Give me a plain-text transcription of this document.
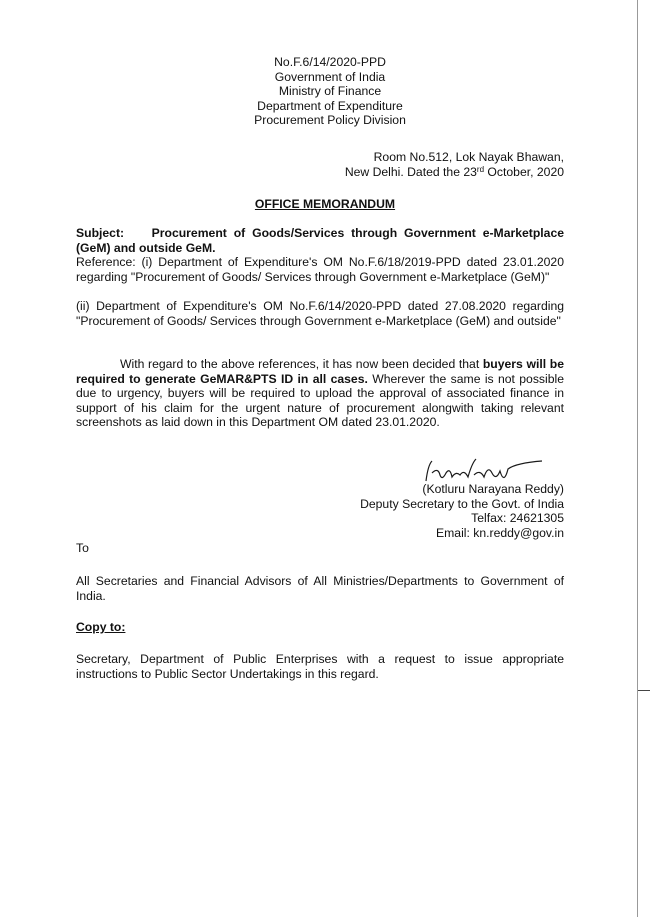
No.F.6/14/2020-PPD
Government of India
Ministry of Finance
Department of Expenditure
Procurement Policy Division
Room No.512, Lok Nayak Bhawan,
New Delhi. Dated the 23rd October, 2020
OFFICE MEMORANDUM
Subject: Procurement of Goods/Services through Government e-Marketplace (GeM) and outside GeM.
Reference: (i) Department of Expenditure's OM No.F.6/18/2019-PPD dated 23.01.2020 regarding "Procurement of Goods/ Services through Government e-Marketplace (GeM)"
(ii) Department of Expenditure's OM No.F.6/14/2020-PPD dated 27.08.2020 regarding "Procurement of Goods/ Services through Government e-Marketplace (GeM) and outside"
With regard to the above references, it has now been decided that buyers will be required to generate GeMAR&PTS ID in all cases. Wherever the same is not possible due to urgency, buyers will be required to upload the approval of associated finance in support of his claim for the urgent nature of procurement alongwith taking relevant screenshots as laid down in this Department OM dated 23.01.2020.
(Kotluru Narayana Reddy)
Deputy Secretary to the Govt. of India
Telfax: 24621305
Email: kn.reddy@gov.in
To
All Secretaries and Financial Advisors of All Ministries/Departments to Government of India.
Copy to:
Secretary, Department of Public Enterprises with a request to issue appropriate instructions to Public Sector Undertakings in this regard.
